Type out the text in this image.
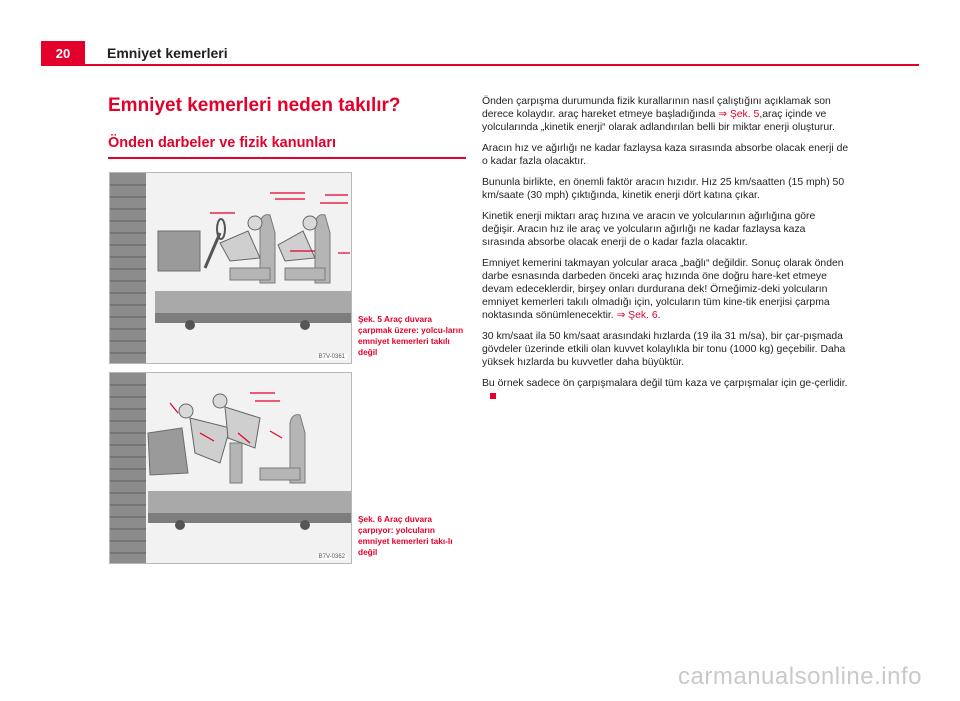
20	Emniyet kemerleri
Emniyet kemerleri neden takılır?
Önden darbeler ve fizik kanunları
B7V-0361
Şek. 5 Araç duvara çarpmak üzere: yolcu-ların emniyet kemerleri takılı değil
B7V-0362
Şek. 6 Araç duvara çarpıyor: yolcuların emniyet kemerleri takı-lı değil

Önden çarpışma durumunda fizik kurallarının nasıl çalıştığını açıklamak son derece kolaydır. araç hareket etmeye başladığında ⇒ Şek. 5,araç içinde ve yolcularında „kinetik enerji“ olarak adlandırılan belli bir miktar enerji oluşturur.

Aracın hız ve ağırlığı ne kadar fazlaysa kaza sırasında absorbe olacak enerji de o kadar fazla olacaktır.

Bununla birlikte, en önemli faktör aracın hızıdır. Hız 25 km/saatten (15 mph) 50 km/saate (30 mph) çıktığında, kinetik enerji dört katına çıkar.

Kinetik enerji miktarı araç hızına ve aracın ve yolcularının ağırlığına göre değişir. Aracın hız ile araç ve yolcuların ağırlığı ne kadar fazlaysa kaza sırasında absorbe olacak enerji de o kadar fazla olacaktır.

Emniyet kemerini takmayan yolcular araca „bağlı“ değildir. Sonuç olarak önden darbe esnasında darbeden önceki araç hızında öne doğru hare-ket etmeye devam edeceklerdir, birşey onları durdurana dek! Örneğimiz-deki yolcuların emniyet kemerleri takılı olmadığı için, yolcuların tüm kine-tik enerjisi çarpma noktasında sönümlenecektir. ⇒ Şek. 6.

30 km/saat ila 50 km/saat arasındaki hızlarda (19 ila 31 m/sa), bir çar-pışmada gövdeler üzerinde etkili olan kuvvet kolaylıkla bir tonu (1000 kg) geçebilir. Daha yüksek hızlarda bu kuvvetler daha büyüktür.

Bu örnek sadece ön çarpışmalara değil tüm kaza ve çarpışmalar için ge-çerlidir.

carmanualsonline.info
